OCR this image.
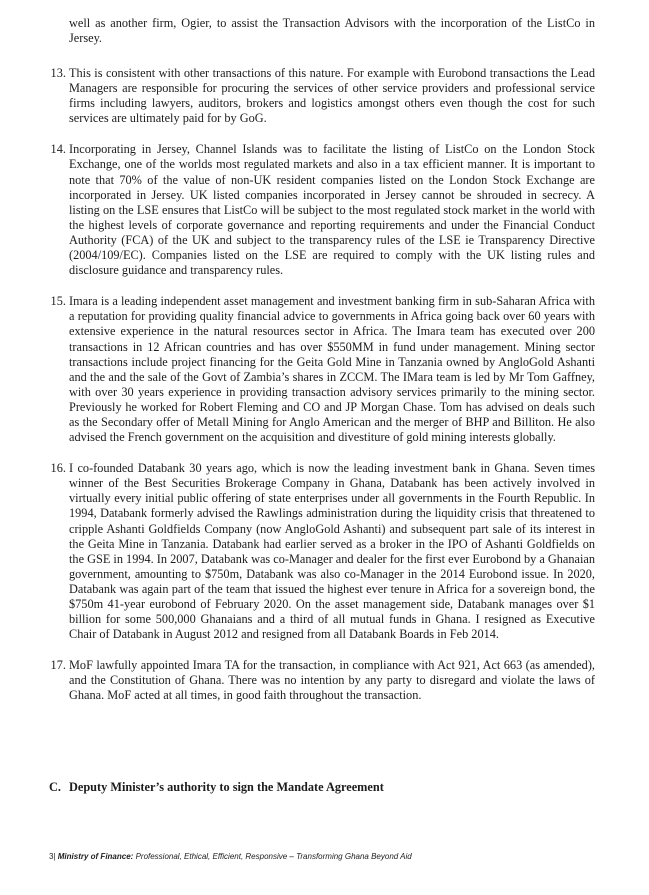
well as another firm, Ogier, to assist the Transaction Advisors with the incorporation of the ListCo in Jersey.

13. This is consistent with other transactions of this nature. For example with Eurobond transactions the Lead Managers are responsible for procuring the services of other service providers and professional service firms including lawyers, auditors, brokers and logistics amongst others even though the cost for such services are ultimately paid for by GoG.
14. Incorporating in Jersey, Channel Islands was to facilitate the listing of ListCo on the London Stock Exchange, one of the worlds most regulated markets and also in a tax efficient manner. It is important to note that 70% of the value of non-UK resident companies listed on the London Stock Exchange are incorporated in Jersey. UK listed companies incorporated in Jersey cannot be shrouded in secrecy. A listing on the LSE ensures that ListCo will be subject to the most regulated stock market in the world with the highest levels of corporate governance and reporting requirements and under the Financial Conduct Authority (FCA) of the UK and subject to the transparency rules of the LSE ie Transparency Directive (2004/109/EC). Companies listed on the LSE are required to comply with the UK listing rules and disclosure guidance and transparency rules.
15. Imara is a leading independent asset management and investment banking firm in sub-Saharan Africa with a reputation for providing quality financial advice to governments in Africa going back over 60 years with extensive experience in the natural resources sector in Africa. The Imara team has executed over 200 transactions in 12 African countries and has over $550MM in fund under management. Mining sector transactions include project financing for the Geita Gold Mine in Tanzania owned by AngloGold Ashanti and the and the sale of the Govt of Zambia’s shares in ZCCM. The IMara team is led by Mr Tom Gaffney, with over 30 years experience in providing transaction advisory services primarily to the mining sector. Previously he worked for Robert Fleming and CO and JP Morgan Chase. Tom has advised on deals such as the Secondary offer of Metall Mining for Anglo American and the merger of BHP and Billiton. He also advised the French government on the acquisition and divestiture of gold mining interests globally.
16. I co-founded Databank 30 years ago, which is now the leading investment bank in Ghana. Seven times winner of the Best Securities Brokerage Company in Ghana, Databank has been actively involved in virtually every initial public offering of state enterprises under all governments in the Fourth Republic. In 1994, Databank formerly advised the Rawlings administration during the liquidity crisis that threatened to cripple Ashanti Goldfields Company (now AngloGold Ashanti) and subsequent part sale of its interest in the Geita Mine in Tanzania. Databank had earlier served as a broker in the IPO of Ashanti Goldfields on the GSE in 1994. In 2007, Databank was co-Manager and dealer for the first ever Eurobond by a Ghanaian government, amounting to $750m, Databank was also co-Manager in the 2014 Eurobond issue. In 2020, Databank was again part of the team that issued the highest ever tenure in Africa for a sovereign bond, the $750m 41-year eurobond of February 2020. On the asset management side, Databank manages over $1 billion for some 500,000 Ghanaians and a third of all mutual funds in Ghana. I resigned as Executive Chair of Databank in August 2012 and resigned from all Databank Boards in Feb 2014.
17. MoF lawfully appointed Imara TA for the transaction, in compliance with Act 921, Act 663 (as amended), and the Constitution of Ghana. There was no intention by any party to disregard and violate the laws of Ghana. MoF acted at all times, in good faith throughout the transaction.
C. Deputy Minister’s authority to sign the Mandate Agreement
3| Ministry of Finance: Professional, Ethical, Efficient, Responsive – Transforming Ghana Beyond Aid
